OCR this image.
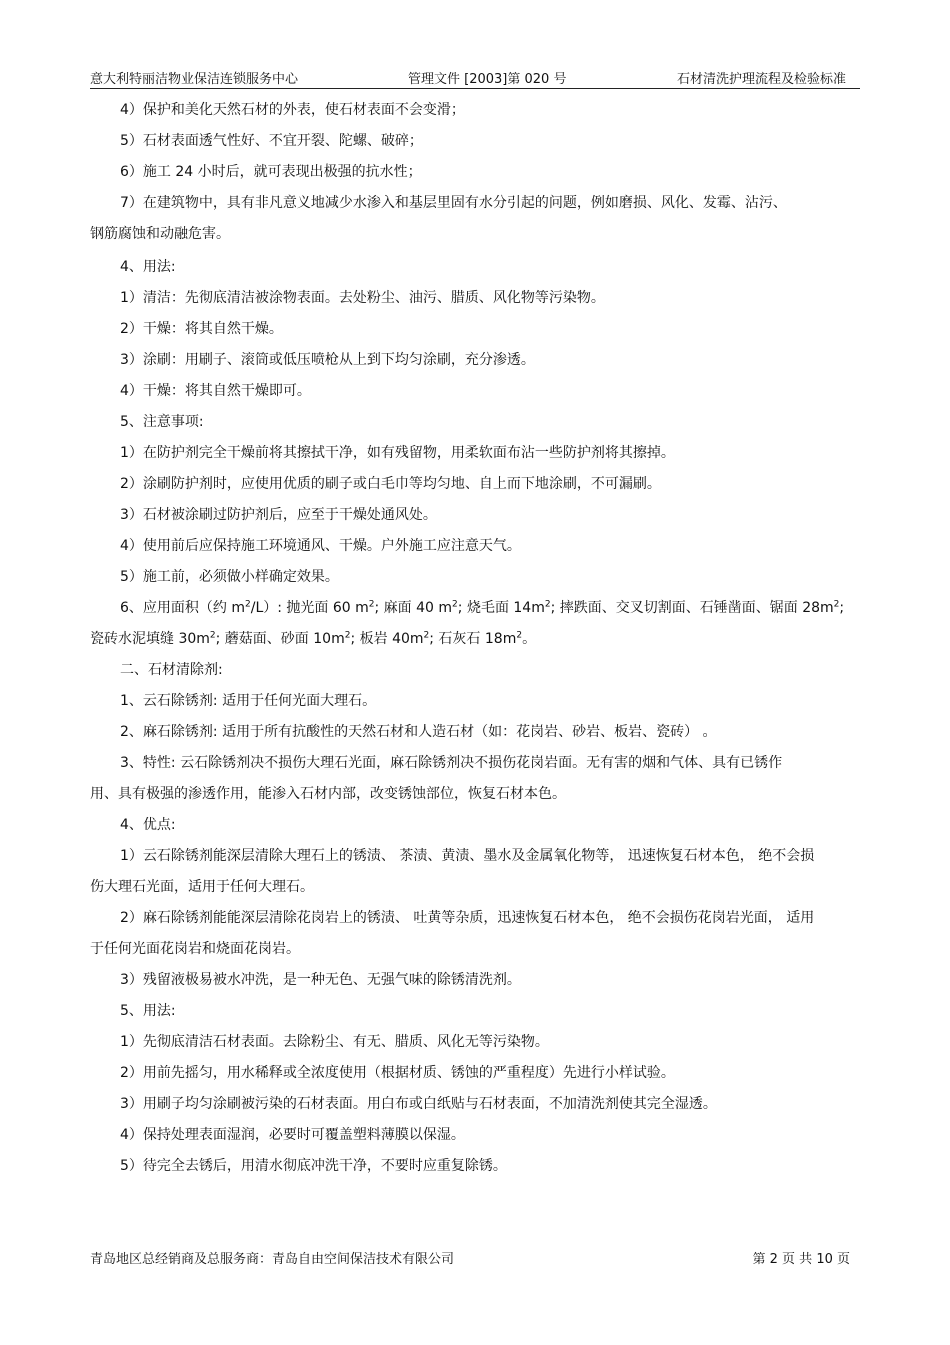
意大利特丽洁物业保洁连锁服务中心	管理文件 [2003]第 020 号	石材清洗护理流程及检验标准
4）保护和美化天然石材的外表，使石材表面不会变滑；
5）石材表面透气性好、不宜开裂、陀螺、破碎；
6）施工 24 小时后，就可表现出极强的抗水性；
7）在建筑物中，具有非凡意义地减少水渗入和基层里固有水分引起的问题，例如磨损、风化、发霉、沾污、
钢筋腐蚀和动融危害。
4、用法:
1）清洁：先彻底清洁被涂物表面。去处粉尘、油污、腊质、风化物等污染物。
2）干燥：将其自然干燥。
3）涂刷：用刷子、滚筒或低压喷枪从上到下均匀涂刷，充分渗透。
4）干燥：将其自然干燥即可。
5、注意事项:
1）在防护剂完全干燥前将其擦拭干净，如有残留物，用柔软面布沾一些防护剂将其擦掉。
2）涂刷防护剂时，应使用优质的刷子或白毛巾等均匀地、自上而下地涂刷，不可漏刷。
3）石材被涂刷过防护剂后，应至于干燥处通风处。
4）使用前后应保持施工环境通风、干燥。户外施工应注意天气。
5）施工前，必须做小样确定效果。
6、应用面积（约 $m^2/L$）: 抛光面 60 $m^2$; 麻面 40 $m^2$; 烧毛面 $14m^2$; 摔跌面、交叉切割面、石锤凿面、锯面 $28m^2$;
瓷砖水泥填缝 $30m^2$; 蘑菇面、砂面 $10m^2$; 板岩 $40m^2$; 石灰石 $18m^2$。
二、石材清除剂:
1、云石除锈剂: 适用于任何光面大理石。
2、麻石除锈剂: 适用于所有抗酸性的天然石材和人造石材（如：花岗岩、砂岩、板岩、瓷砖） 。
3、特性: 云石除锈剂决不损伤大理石光面，麻石除锈剂决不损伤花岗岩面。无有害的烟和气体、具有已锈作
用、具有极强的渗透作用，能渗入石材内部，改变锈蚀部位，恢复石材本色。
4、优点:
1）云石除锈剂能深层清除大理石上的锈渍、 茶渍、黄渍、墨水及金属氧化物等， 迅速恢复石材本色， 绝不会损
伤大理石光面，适用于任何大理石。
2）麻石除锈剂能能深层清除花岗岩上的锈渍、 吐黄等杂质，迅速恢复石材本色， 绝不会损伤花岗岩光面， 适用
于任何光面花岗岩和烧面花岗岩。
3）残留液极易被水冲洗，是一种无色、无强气味的除锈清洗剂。
5、用法:
1）先彻底清洁石材表面。去除粉尘、有无、腊质、风化无等污染物。
2）用前先摇匀，用水稀释或全浓度使用（根据材质、锈蚀的严重程度）先进行小样试验。
3）用刷子均匀涂刷被污染的石材表面。用白布或白纸贴与石材表面，不加清洗剂使其完全湿透。
4）保持处理表面湿润，必要时可覆盖塑料薄膜以保湿。
5）待完全去锈后，用清水彻底冲洗干净，不要时应重复除锈。
青岛地区总经销商及总服务商：青岛自由空间保洁技术有限公司	第 2 页 共 10 页
